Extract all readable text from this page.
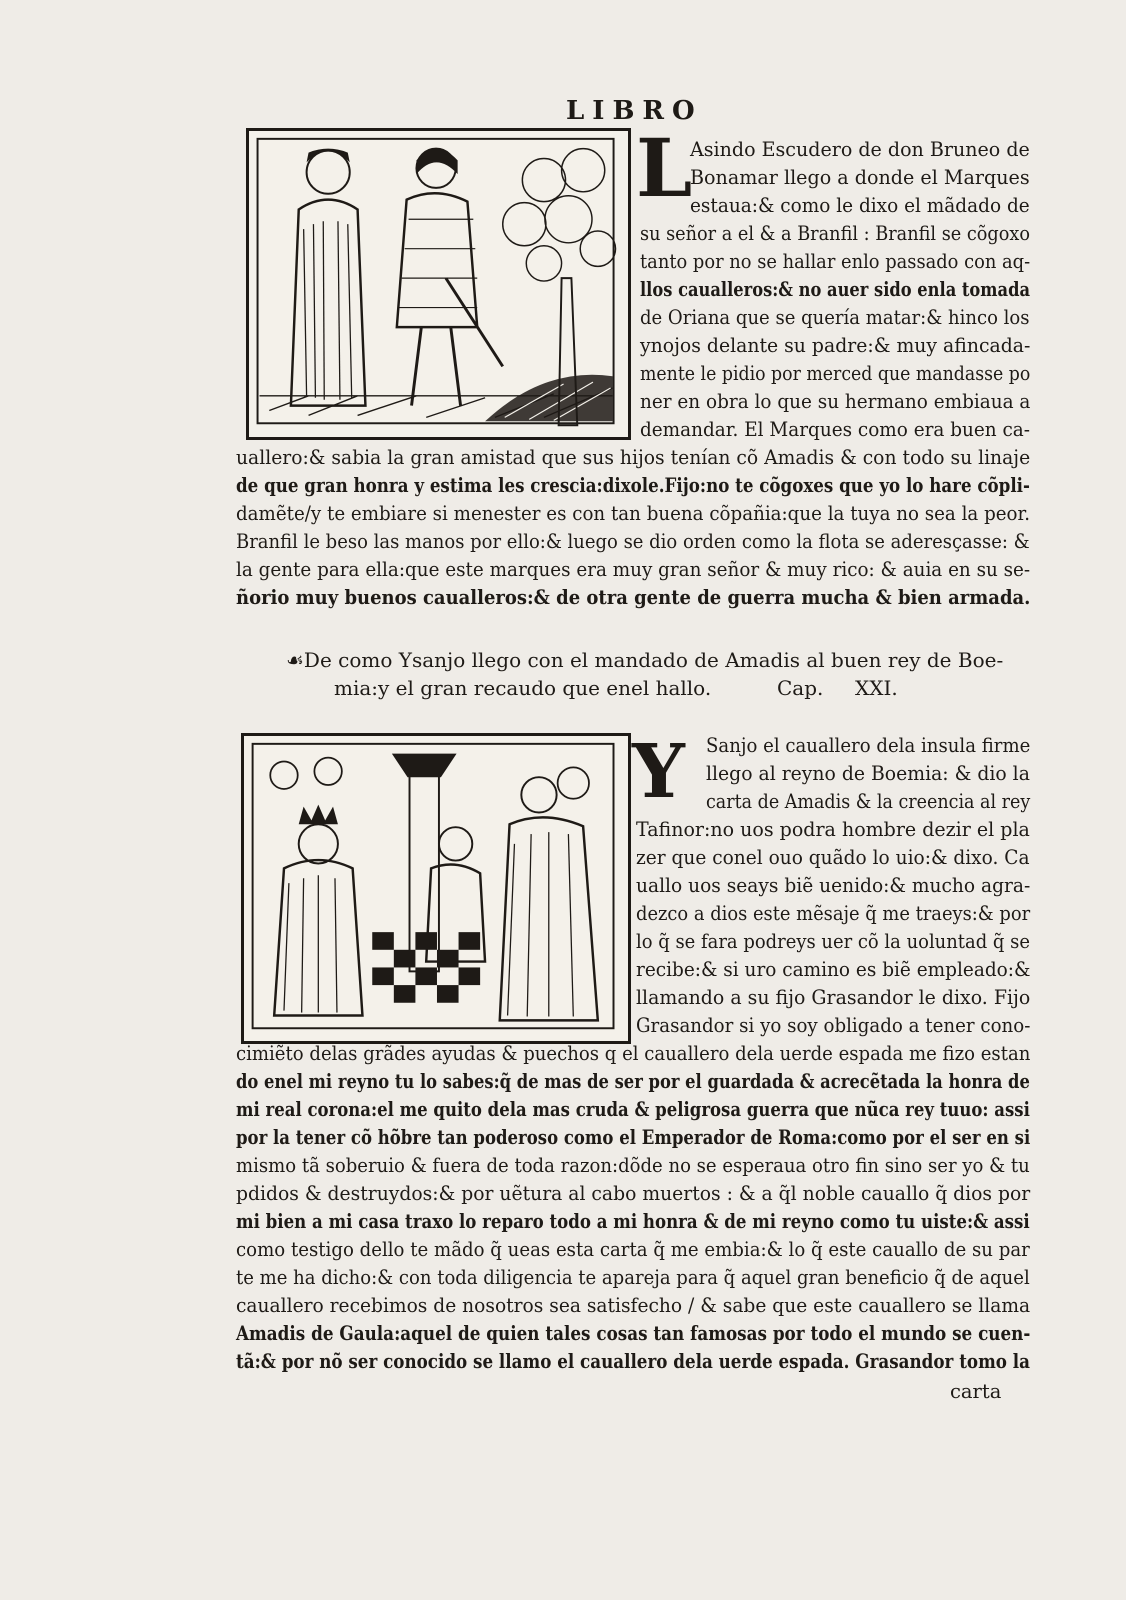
LIBRO
L
Asindo Escudero de don Bruneo de
Bonamar llego a donde el Marques
estaua:& como le dixo el mãdado de
su señor a el & a Branfil : Branfil se cõgoxo
tanto por no se hallar enlo passado con aq-
llos caualleros:& no auer sido enla tomada
de Oriana que se quería matar:& hinco los
ynojos delante su padre:& muy afincada-
mente le pidio por merced que mandasse po
ner en obra lo que su hermano embiaua a
demandar. El Marques como era buen ca-
uallero:& sabia la gran amistad que sus hijos tenían cõ Amadis & con todo su linaje
de que gran honra y estima les crescia:dixole.Fijo:no te cõgoxes que yo lo hare cõpli-
damẽte/y te embiare si menester es con tan buena cõpañia:que la tuya no sea la peor.
Branfil le beso las manos por ello:& luego se dio orden como la flota se aderesçasse: &
la gente para ella:que este marques era muy gran señor & muy rico: & auia en su se-
ñorio muy buenos caualleros:& de otra gente de guerra mucha & bien armada.
☙De como Ysanjo llego con el mandado de Amadis al buen rey de Boe-
mia:y el gran recaudo que enel hallo.	Cap. XXI.
Y Sanjo el cauallero dela insula firme
llego al reyno de Boemia: & dio la
carta de Amadis & la creencia al rey
Tafinor:no uos podra hombre dezir el pla
zer que conel ouo quãdo lo uio:& dixo. Ca
uallo uos seays biẽ uenido:& mucho agra-
dezco a dios este mẽsaje q̃ me traeys:& por
lo q̃ se fara podreys uer cõ la uoluntad q̃ se
recibe:& si uro camino es biẽ empleado:&
llamando a su fijo Grasandor le dixo. Fijo
Grasandor si yo soy obligado a tener cono-
cimiẽto delas grãdes ayudas & puechos q el cauallero dela uerde espada me fizo estan
do enel mi reyno tu lo sabes:q̃ de mas de ser por el guardada & acrecẽtada la honra de
mi real corona:el me quito dela mas cruda & peligrosa guerra que nũca rey tuuo: assi
por la tener cõ hõbre tan poderoso como el Emperador de Roma:como por el ser en si
mismo tã soberuio & fuera de toda razon:dõde no se esperaua otro fin sino ser yo & tu
pdidos & destruydos:& por uẽtura al cabo muertos : & a q̃l noble cauallo q̃ dios por
mi bien a mi casa traxo lo reparo todo a mi honra & de mi reyno como tu uiste:& assi
como testigo dello te mãdo q̃ ueas esta carta q̃ me embia:& lo q̃ este cauallo de su par
te me ha dicho:& con toda diligencia te apareja para q̃ aquel gran beneficio q̃ de aquel
cauallero recebimos de nosotros sea satisfecho / & sabe que este cauallero se llama
Amadis de Gaula:aquel de quien tales cosas tan famosas por todo el mundo se cuen-
tã:& por nõ ser conocido se llamo el cauallero dela uerde espada. Grasandor tomo la
carta
